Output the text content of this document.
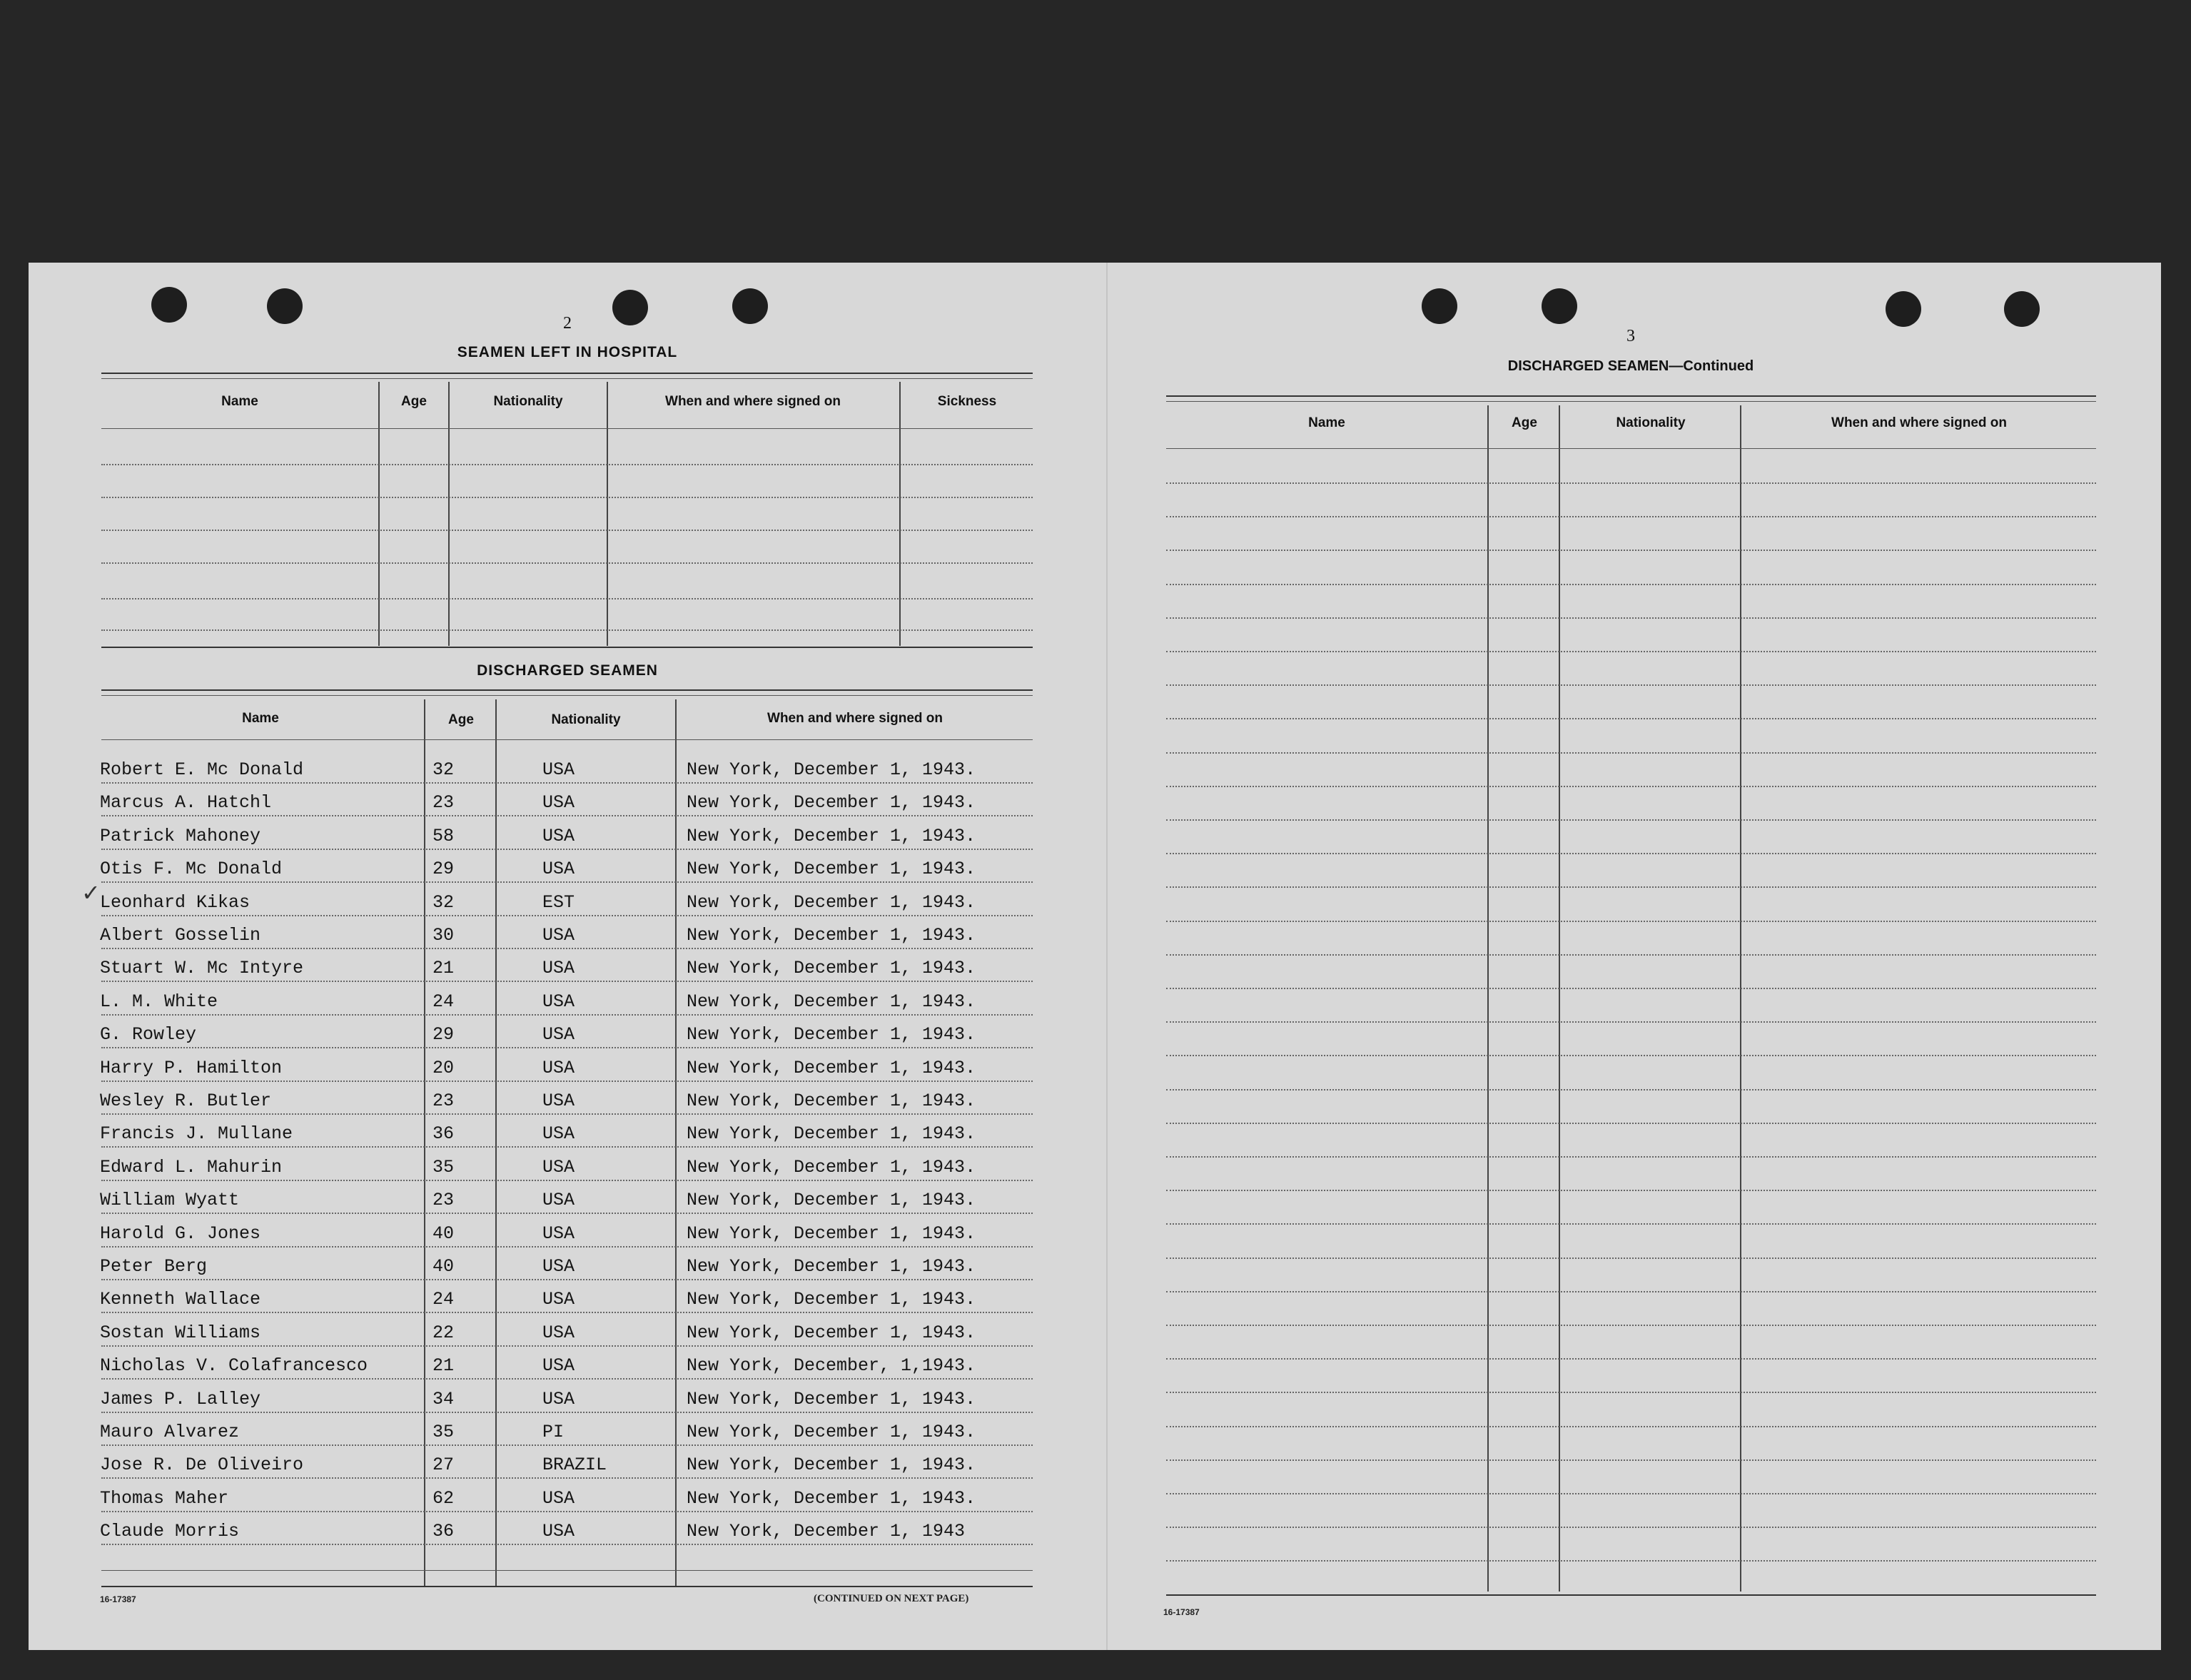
2
SEAMEN LEFT IN HOSPITAL
Name	Age	Nationality	When and where signed on	Sickness
DISCHARGED SEAMEN
Name	Age	Nationality	When and where signed on
Robert E. Mc Donald	32	USA	New York, December 1, 1943.
Marcus A. Hatchl	23	USA	New York, December 1, 1943.
Patrick Mahoney	58	USA	New York, December 1, 1943.
Otis F. Mc Donald	29	USA	New York, December 1, 1943.
Leonhard Kikas	32	EST	New York, December 1, 1943.
Albert Gosselin	30	USA	New York, December 1, 1943.
Stuart W. Mc Intyre	21	USA	New York, December 1, 1943.
L. M. White	24	USA	New York, December 1, 1943.
G. Rowley	29	USA	New York, December 1, 1943.
Harry P. Hamilton	20	USA	New York, December 1, 1943.
Wesley R. Butler	23	USA	New York, December 1, 1943.
Francis J. Mullane	36	USA	New York, December 1, 1943.
Edward L. Mahurin	35	USA	New York, December 1, 1943.
William Wyatt	23	USA	New York, December 1, 1943.
Harold G. Jones	40	USA	New York, December 1, 1943.
Peter Berg	40	USA	New York, December 1, 1943.
Kenneth Wallace	24	USA	New York, December 1, 1943.
Sostan Williams	22	USA	New York, December 1, 1943.
Nicholas V. Colafrancesco	21	USA	New York, December, 1,1943.
James P. Lalley	34	USA	New York, December 1, 1943.
Mauro Alvarez	35	PI	New York, December 1, 1943.
Jose R. De Oliveiro	27	BRAZIL	New York, December 1, 1943.
Thomas Maher	62	USA	New York, December 1, 1943.
Claude Morris	36	USA	New York, December 1, 1943
✓
16-17387	(CONTINUED ON NEXT PAGE)
3
DISCHARGED SEAMEN—Continued
Name	Age	Nationality	When and where signed on
16-17387
